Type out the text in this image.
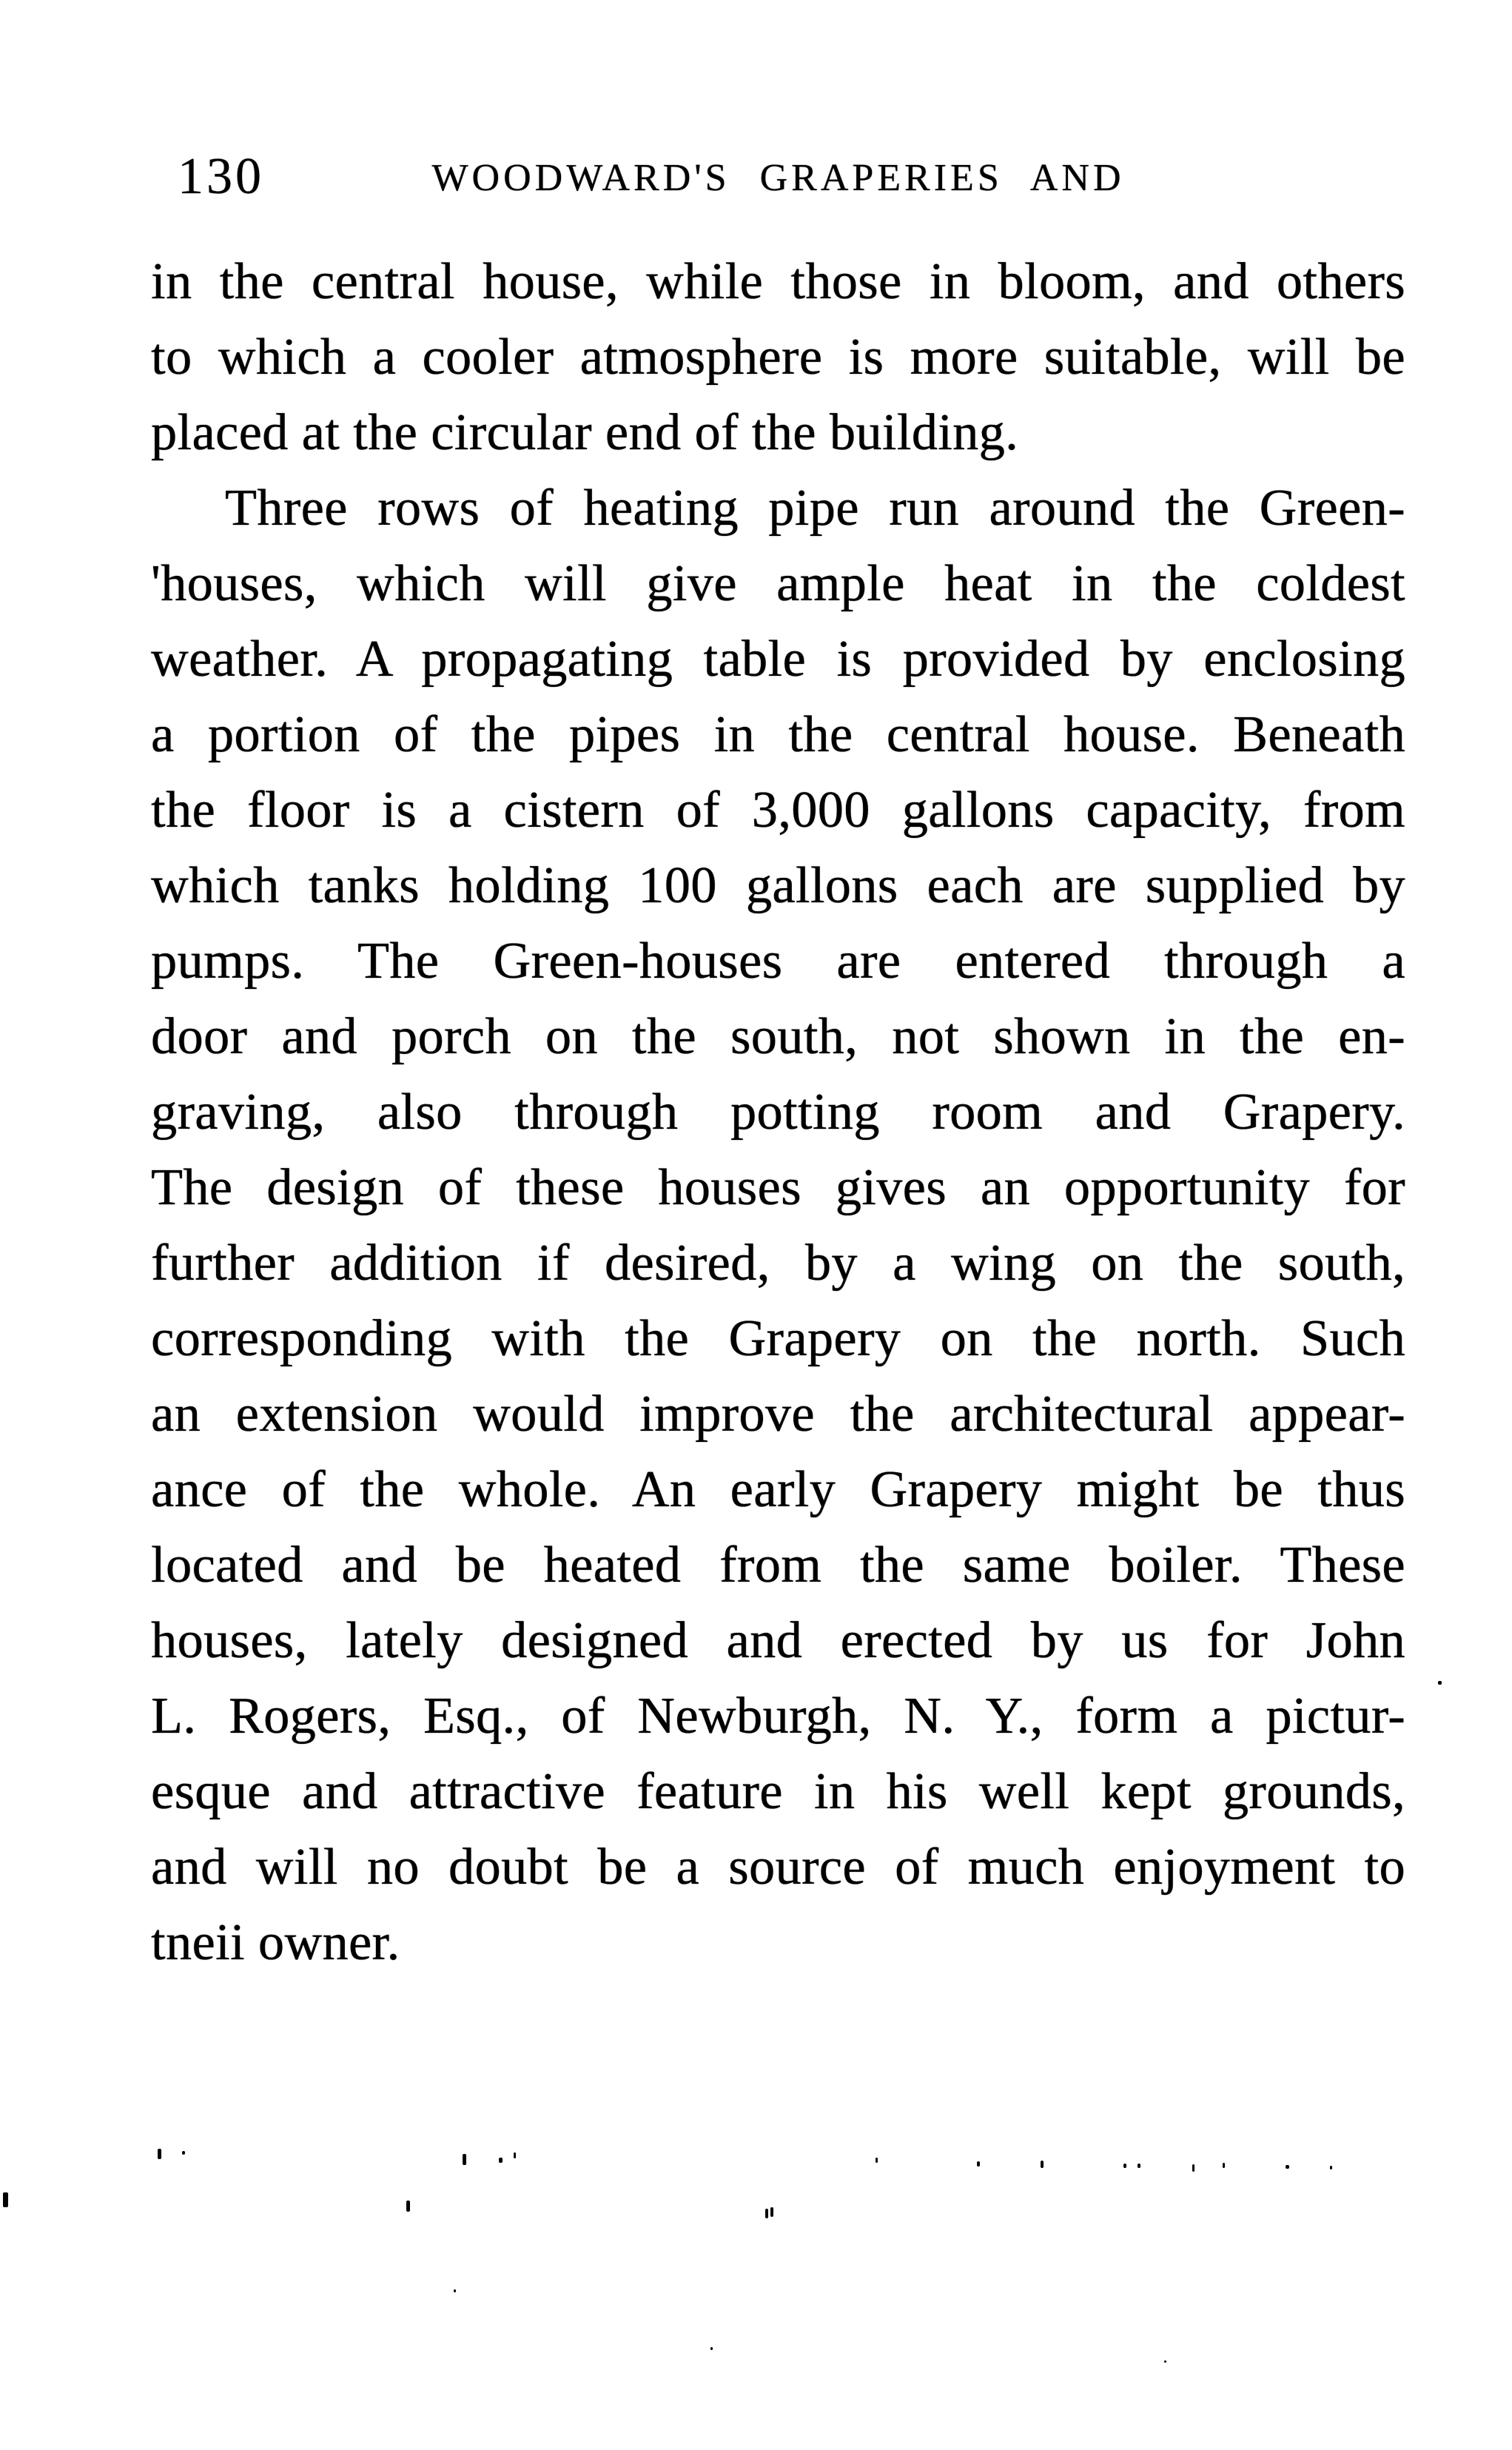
130	WOODWARD'S GRAPERIES AND
in the central house, while those in bloom, and others
to which a cooler atmosphere is more suitable, will be
placed at the circular end of the building.
Three rows of heating pipe run around the Green-
'houses, which will give ample heat in the coldest
weather. A propagating table is provided by enclosing
a portion of the pipes in the central house. Beneath
the floor is a cistern of 3,000 gallons capacity, from
which tanks holding 100 gallons each are supplied by
pumps. The Green-houses are entered through a
door and porch on the south, not shown in the en-
graving, also through potting room and Grapery.
The design of these houses gives an opportunity for
further addition if desired, by a wing on the south,
corresponding with the Grapery on the north. Such
an extension would improve the architectural appear-
ance of the whole. An early Grapery might be thus
located and be heated from the same boiler. These
houses, lately designed and erected by us for John
L. Rogers, Esq., of Newburgh, N. Y., form a pictur-
esque and attractive feature in his well kept grounds,
and will no doubt be a source of much enjoyment to
tneii owner.
